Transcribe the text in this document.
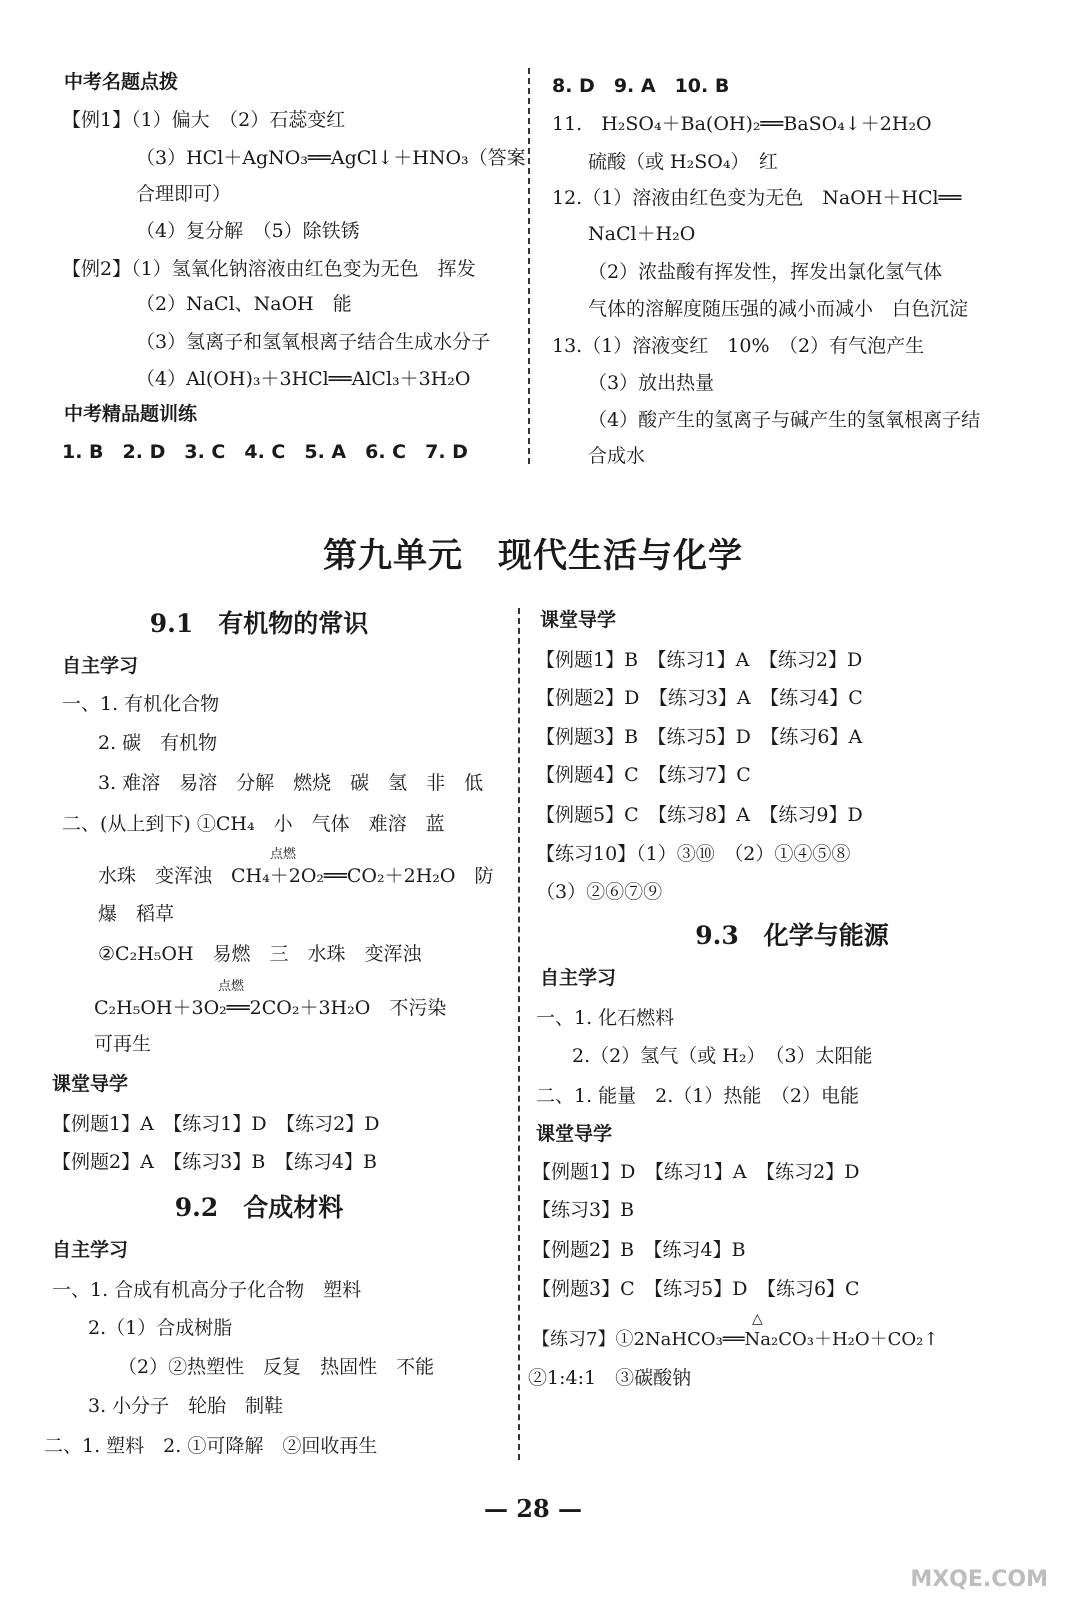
中考名题点拨
【例1】（1）偏大　（2）石蕊变红
（3）HCl＋AgNO₃══AgCl↓＋HNO₃（答案
合理即可）
（4）复分解　（5）除铁锈
【例2】（1）氢氧化钠溶液由红色变为无色　挥发
（2）NaCl、NaOH　能
（3）氢离子和氢氧根离子结合生成水分子
（4）Al(OH)₃＋3HCl══AlCl₃＋3H₂O
中考精品题训练
1. B　2. D　3. C　4. C　5. A　6. C　7. D
8. D　9. A　10. B
11.　H₂SO₄＋Ba(OH)₂══BaSO₄↓＋2H₂O
硫酸（或 H₂SO₄）　红
12.（1）溶液由红色变为无色　NaOH＋HCl══
NaCl＋H₂O
（2）浓盐酸有挥发性，挥发出氯化氢气体
气体的溶解度随压强的减小而减小　白色沉淀
13.（1）溶液变红　10%　（2）有气泡产生
（3）放出热量
（4）酸产生的氢离子与碱产生的氢氧根离子结
合成水
第九单元　现代生活与化学
9.1　有机物的常识
自主学习
一、1. 有机化合物
2. 碳　有机物
3. 难溶　易溶　分解　燃烧　碳　氢　非　低
二、(从上到下) ①CH₄　小　气体　难溶　蓝
点燃
水珠　变浑浊　CH₄＋2O₂══CO₂＋2H₂O　防
爆　稻草
②C₂H₅OH　易燃　三　水珠　变浑浊
点燃
C₂H₅OH＋3O₂══2CO₂＋3H₂O　不污染
可再生
课堂导学
【例题1】A　【练习1】D　【练习2】D
【例题2】A　【练习3】B　【练习4】B
9.2　合成材料
自主学习
一、1. 合成有机高分子化合物　塑料
2.（1）合成树脂
（2）②热塑性　反复　热固性　不能
3. 小分子　轮胎　制鞋
二、1. 塑料　2. ①可降解　②回收再生
课堂导学
【例题1】B　【练习1】A　【练习2】D
【例题2】D　【练习3】A　【练习4】C
【例题3】B　【练习5】D　【练习6】A
【例题4】C　【练习7】C
【例题5】C　【练习8】A　【练习9】D
【练习10】（1）③⑩　（2）①④⑤⑧
（3）②⑥⑦⑨
9.3　化学与能源
自主学习
一、1. 化石燃料
2.（2）氢气（或 H₂）　（3）太阳能
二、1. 能量　2.（1）热能　（2）电能
课堂导学
【例题1】D　【练习1】A　【练习2】D
【练习3】B
【例题2】B　【练习4】B
【例题3】C　【练习5】D　【练习6】C
△
【练习7】①2NaHCO₃══Na₂CO₃＋H₂O＋CO₂↑
②1:4:1　③碳酸钠
— 28 —
MXQE.COM
